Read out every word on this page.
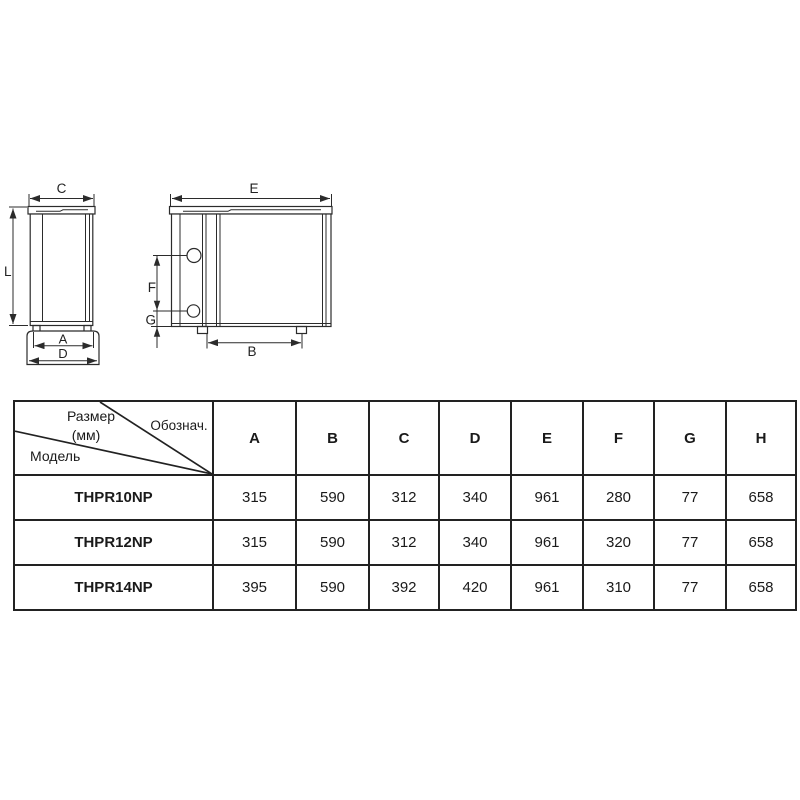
C
A
D
L
E
F
G
B
Размер
(мм)
Обознач.
Модель	A	B	C	D	E	F	G	H
THPR10NP	315	590	312	340	961	280	77	658
THPR12NP	315	590	312	340	961	320	77	658
THPR14NP	395	590	392	420	961	310	77	658
